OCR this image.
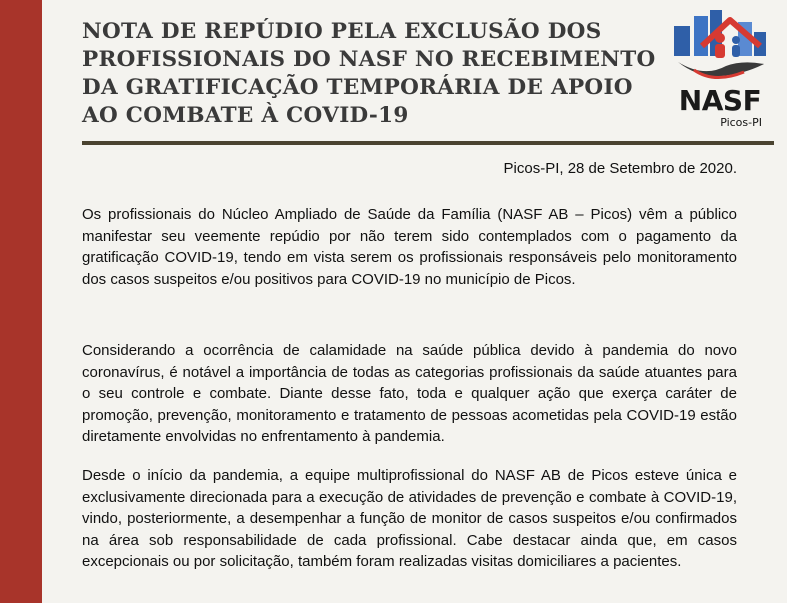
NOTA DE REPÚDIO PELA EXCLUSÃO DOS PROFISSIONAIS DO NASF NO RECEBIMENTO DA GRATIFICAÇÃO TEMPORÁRIA DE APOIO AO COMBATE À COVID-19	NASF
Picos-PI
Picos-PI, 28 de Setembro de 2020.

Os profissionais do Núcleo Ampliado de Saúde da Família (NASF AB – Picos) vêm a público manifestar seu veemente repúdio por não terem sido contemplados com o pagamento da gratificação COVID-19, tendo em vista serem os profissionais responsáveis pelo monitoramento dos casos suspeitos e/ou positivos para COVID-19 no município de Picos.

Considerando a ocorrência de calamidade na saúde pública devido à pandemia do novo coronavírus, é notável a importância de todas as categorias profissionais da saúde atuantes para o seu controle e combate. Diante desse fato, toda e qualquer ação que exerça caráter de promoção, prevenção, monitoramento e tratamento de pessoas acometidas pela COVID-19 estão diretamente envolvidas no enfrentamento à pandemia.

Desde o início da pandemia, a equipe multiprofissional do NASF AB de Picos esteve única e exclusivamente direcionada para a execução de atividades de prevenção e combate à COVID-19, vindo, posteriormente, a desempenhar a função de monitor de casos suspeitos e/ou confirmados na área sob responsabilidade de cada profissional. Cabe destacar ainda que, em casos excepcionais ou por solicitação, também foram realizadas visitas domiciliares a pacientes.
